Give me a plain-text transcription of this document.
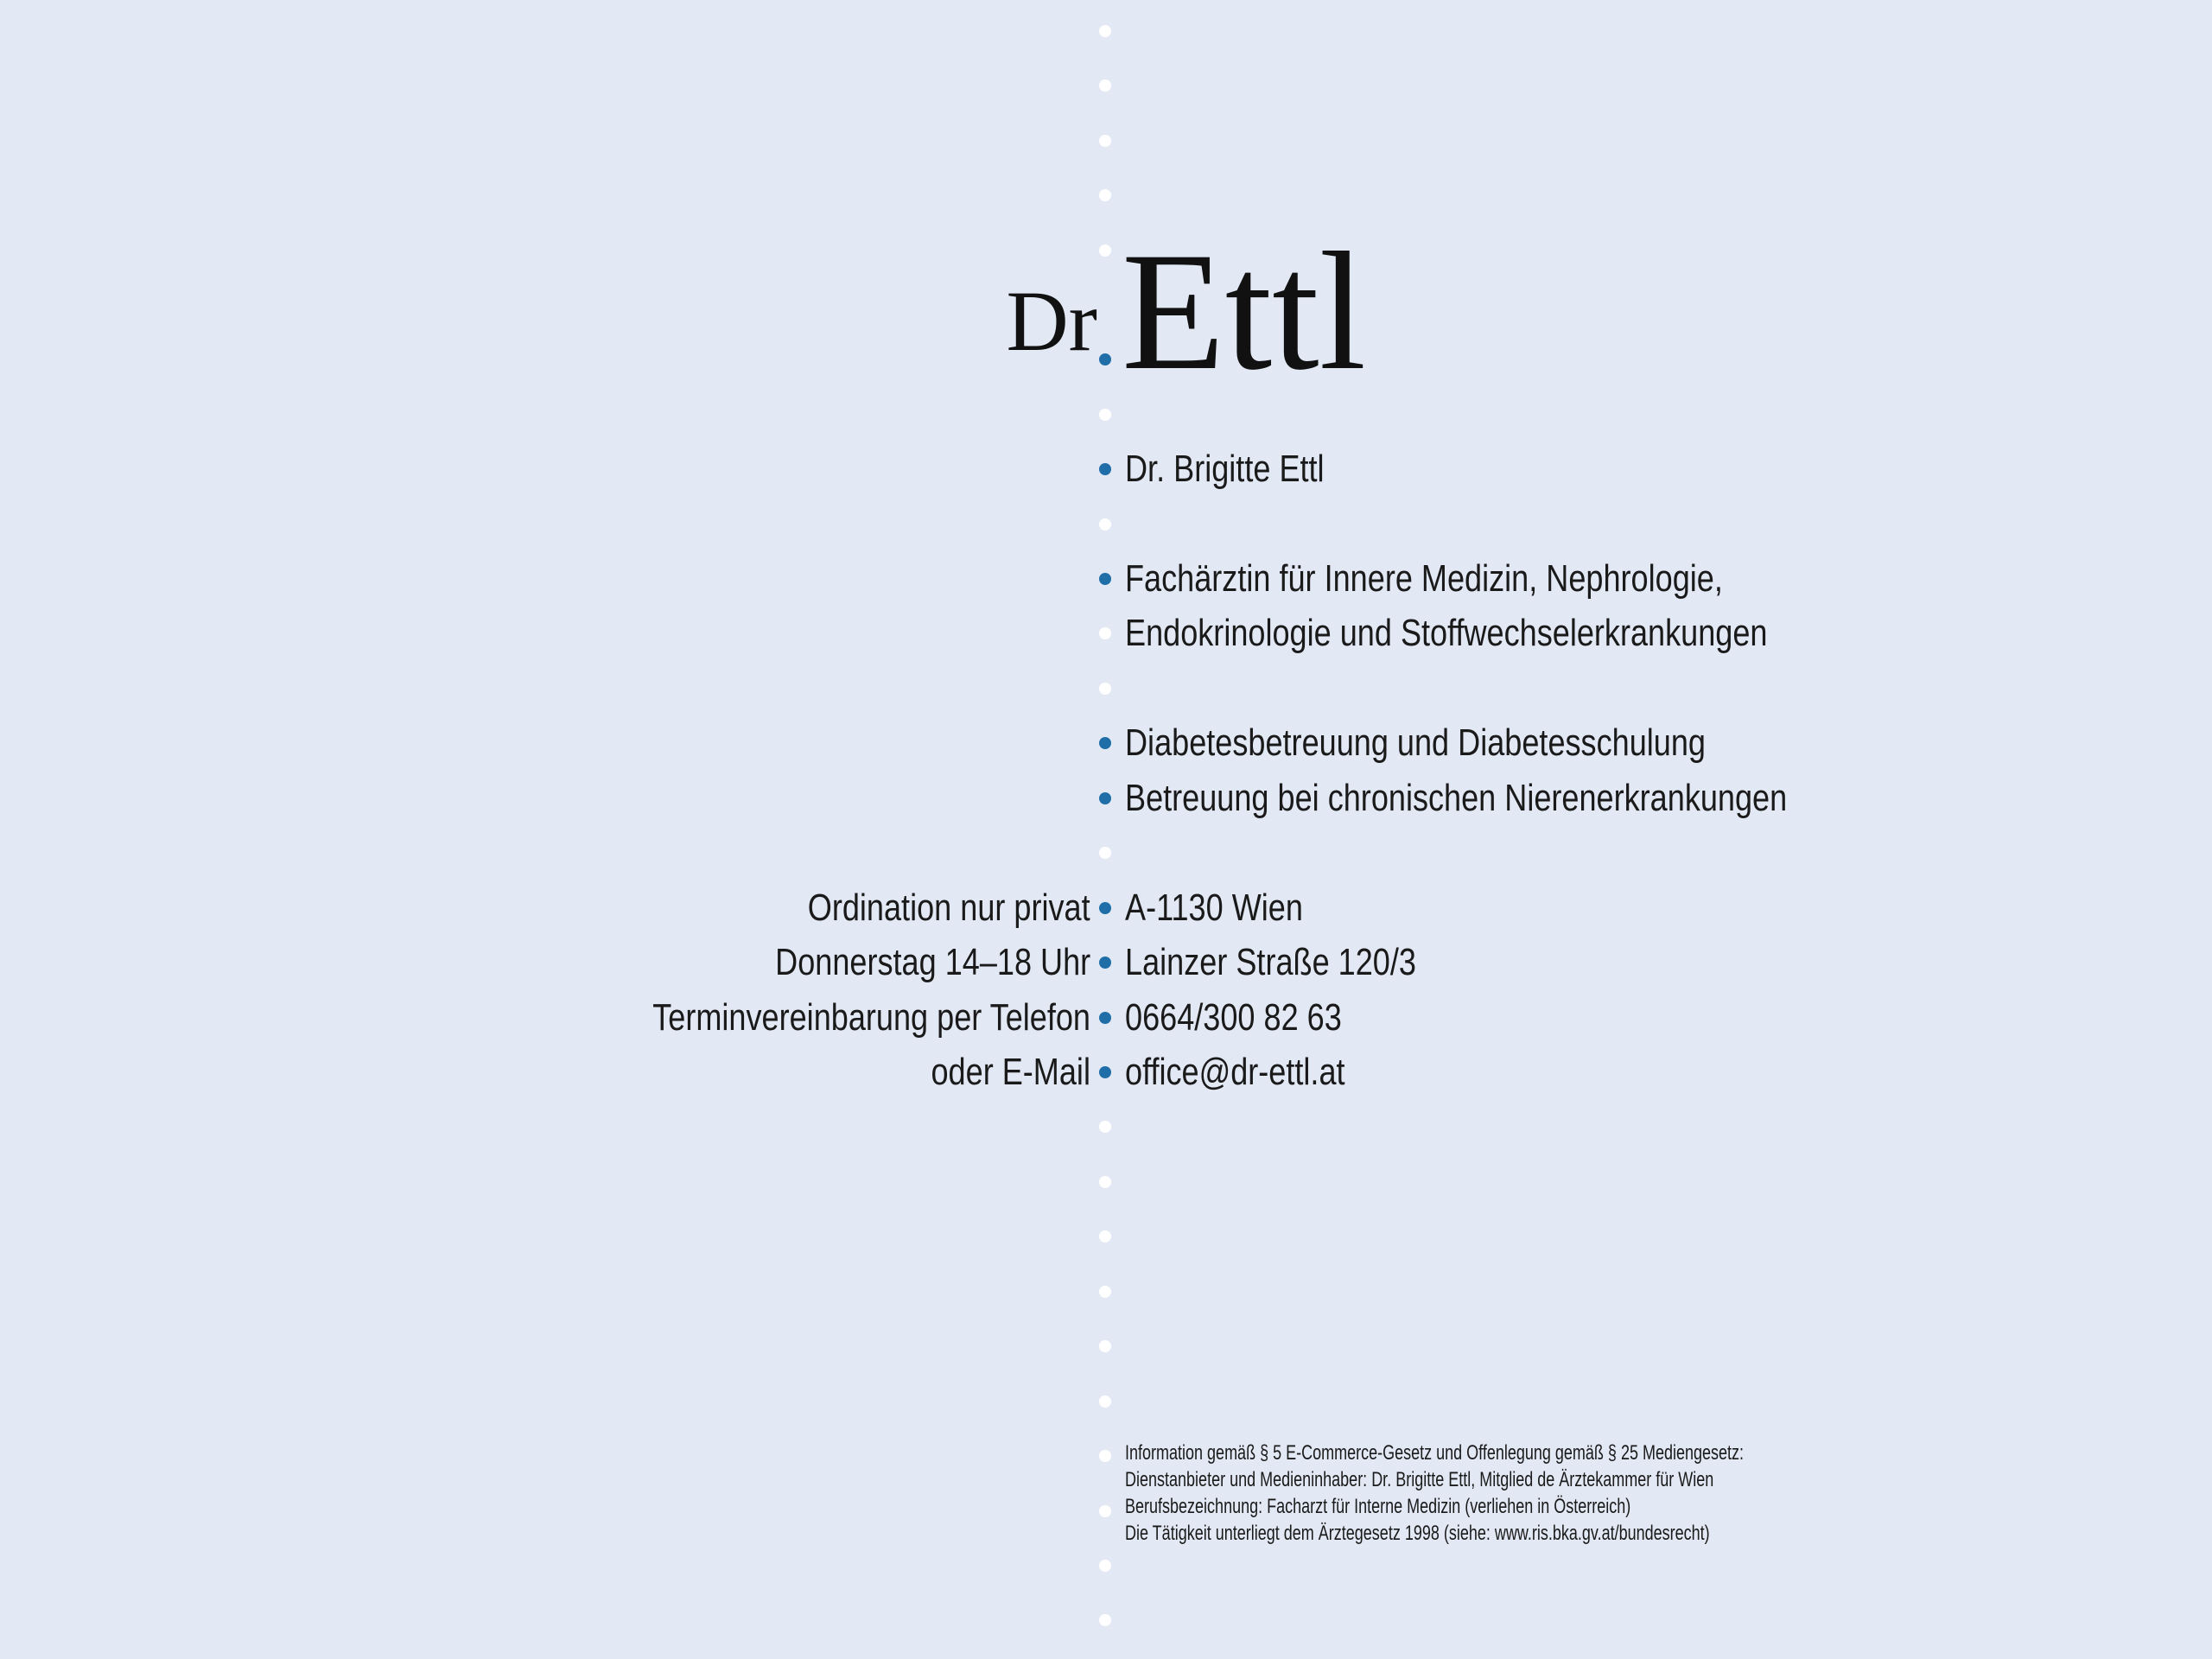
Dr Ettl
Dr. Brigitte Ettl
Fachärztin für Innere Medizin, Nephrologie,
Endokrinologie und Stoffwechselerkrankungen
Diabetesbetreuung und Diabetesschulung
Betreuung bei chronischen Nierenerkrankungen
Ordination nur privat
Donnerstag 14–18 Uhr
Terminvereinbarung per Telefon
oder E-Mail
A-1130 Wien
Lainzer Straße 120/3
0664/300 82 63
office@dr-ettl.at
Information gemäß § 5 E-Commerce-Gesetz und Offenlegung gemäß § 25 Mediengesetz:
Dienstanbieter und Medieninhaber: Dr. Brigitte Ettl, Mitglied de Ärztekammer für Wien
Berufsbezeichnung: Facharzt für Interne Medizin (verliehen in Österreich)
Die Tätigkeit unterliegt dem Ärztegesetz 1998 (siehe: www.ris.bka.gv.at/bundesrecht)
